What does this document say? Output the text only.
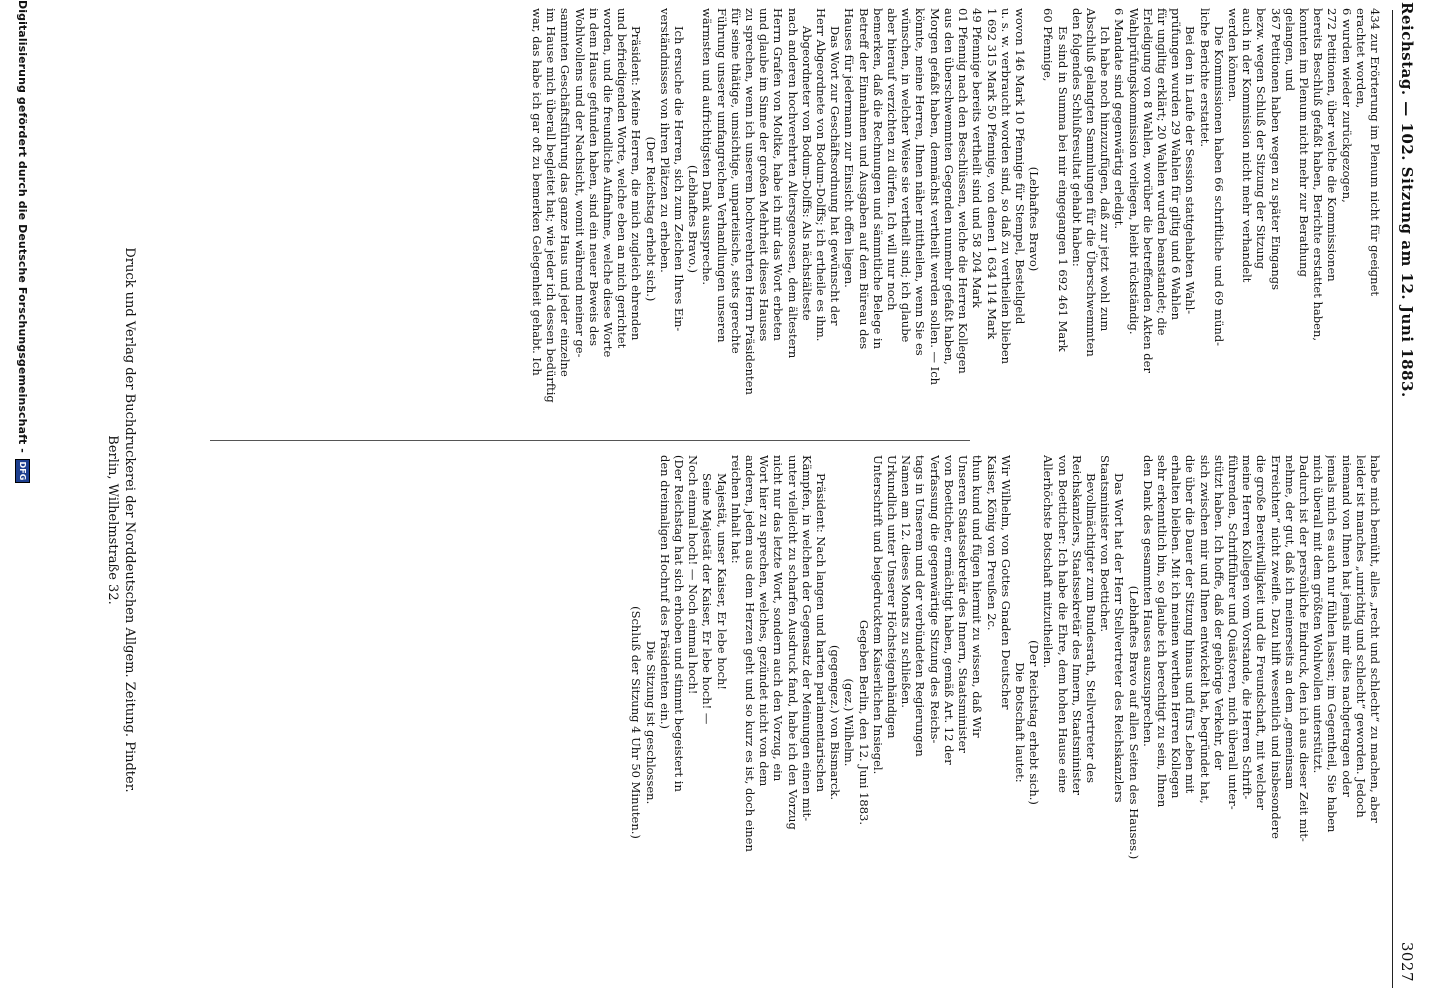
Reichstag. — 102. Sitzung am 12. Juni 1883.
3027

habe mich bemüht, alles „recht und schlecht“ zu machen, aber

leider ist manches „unrichtig und schlecht“ geworden. Jedoch

niemand von Ihnen hat jemals mir dies nachgetragen oder

jemals mich es auch nur fühlen lassen; im Gegentheil, Sie haben

mich überall mit dem größten Wohlwollen unterstützt.

Dadurch ist der persönliche Eindruck, den ich aus dieser Zeit mit-

nehme, der gut, daß ich meinerseits an dem „gemeinsam

Erreichten“ nicht zweifle. Dazu hilft wesentlich und insbesondere

die große Bereitwilligkeit und die Freundschaft, mit welcher

meine Herren Kollegen vom Vorstande, die Herren Schrift-

führenden, Schriftführer und Quästoren, mich überall unter-

stützt haben. Ich hoffe, daß der gehörige Verkehr, der

sich zwischen mir und Ihnen entwickelt hat, begründet hat,

die über die Dauer der Sitzung hinaus und fürs Leben mit

erhalten bleiben. Mit ich meinen werthen Herren Kollegen

sehr erkenntlich bin, so glaube ich berechtigt zu sein, Ihnen

den Dank des gesammten Hauses auszusprechen.

(Lebhaftes Bravo auf allen Seiten des Hauses.)

Das Wort hat der Herr Stellvertreter des Reichskanzlers

Staatsminister von Boetticher.

Bevollmächtigter zum Bundesrath, Stellvertreter des

Reichskanzlers, Staatssekretär des Innern, Staatsminister

von Boetticher: Ich habe die Ehre, dem hohen Hause eine

Allerhöchste Botschaft mitzutheilen.

(Der Reichstag erhebt sich.)

Die Botschaft lautet:

Wir Wilhelm, von Gottes Gnaden Deutscher

Kaiser, König von Preußen 2c.

thun kund und fügen hiermit zu wissen, daß Wir

Unseren Staatssekretär des Innern, Staatsminister

von Boetticher, ermächtigt haben, gemäß Art. 12 der

Verfassung die gegenwärtige Sitzung des Reichs-

tags in Unserem und der verbündeten Regierungen

Namen am 12. dieses Monats zu schließen.

Urkundlich unter Unserer Höchsteigenhändigen

Unterschrift und beigedrucktem Kaiserlichen Insiegel.

Gegeben Berlin, den 12. Juni 1883.

(gez.) Wilhelm.

(gegengez.) von Bismarck.

Präsident: Nach langen und harten parlamentarischen

Kämpfen, in welchen der Gegensatz der Meinungen einen mit-

unter vielleicht zu scharfen Ausdruck fand, habe ich den Vorzug

nicht nur das letzte Wort, sondern auch den Vorzug, ein

Wort hier zu sprechen, welches, gezündet nicht von dem

anderen, jedem aus dem Herzen geht und so kurz es ist, doch einen

reichen Inhalt hat:

Majestät, unser Kaiser, Er lebe hoch!

Seine Majestät der Kaiser, Er lebe hoch! —

Noch einmal hoch! — Noch einmal hoch!

(Der Reichstag hat sich erhoben und stimmt begeistert in

den dreimaligen Hochruf des Präsidenten ein.)

Die Sitzung ist geschlossen.

(Schluß der Sitzung 4 Uhr 50 Minuten.)

434 zur Erörterung im Plenum nicht für geeignet

erachtet worden,

6 wurden wieder zurückgezogen,

272 Petitionen, über welche die Kommissionen

bereits Beschluß gefaßt haben, Berichte erstattet haben,

konnten im Plenum nicht mehr zur Berathung

gelangen, und

367 Petitionen haben wegen zu später Eingangs

bezw. wegen Schluß der Sitzung der Sitzung

auch in der Kommission nicht mehr verhandelt

werden können.

Die Kommissionen haben 66 schriftliche und 69 münd-

liche Berichte erstattet.

Bei den in Laufe der Session stattgehabten Wahl-

prüfungen wurden 29 Wahlen für giltig und 6 Wahlen

für ungiltig erklärt; 20 Wahlen wurden beanstandet; die

Erledigung von 8 Wahlen, worüber die betreffenden Akten der

Wahlprüfungskommission vorliegen, bleibt rückständig.

6 Mandate sind gegenwärtig erledigt.

Ich habe noch hinzuzufügen, daß zur jetzt wohl zum

Abschluß gelangten Sammlungen für die Überschwemmten

den folgendes Schlußresultat gehabt haben:

Es sind in Summa bei mir eingegangen 1 692 461 Mark

60 Pfennige,

(Lebhaftes Bravo)

wovon 146 Mark 10 Pfennige für Stempel, Bestellgeld

u. s. w. verbraucht worden sind, so daß zu vertheilen blieben

1 692 315 Mark 50 Pfennige, von denen 1 634 114 Mark

49 Pfennige bereits vertheilt sind und 58 204 Mark

01 Pfennig nach den Beschlüssen, welche die Herren Kollegen

aus den überschwemmten Gegenden nunmehr gefaßt haben,

Morgen gefaßt haben, demnächst vertheilt werden sollen. — Ich

könnte, meine Herren, Ihnen näher mittheilen, wenn Sie es

wünschen, in welcher Weise sie vertheilt sind; ich glaube

aber hierauf verzichten zu dürfen. Ich will nur noch

bemerken, daß die Rechnungen und sämmtliche Belege in

Betreff der Einnahmen und Ausgaben auf dem Büreau des

Hauses für jedermann zur Einsicht offen liegen.

Das Wort zur Geschäftsordnung hat gewünscht der

Herr Abgeordnete von Bodum-Dolffs; ich ertheile es ihm.

Abgeordneter von Bodum-Dolffs: Als nächstälteste

nach anderen hochverehrten Altersgenossen, dem ältestern

Herrn Grafen von Moltke, habe ich mir das Wort erbeten

und glaube im Sinne der großen Mehrheit dieses Hauses

zu sprechen, wenn ich unserem hochverehrten Herrn Präsidenten

für seine thätige, umsichtige, unparteiische, stets gerechte

Führung unserer umfangreichen Verhandlungen unseren

wärmsten und aufrichtigsten Dank ausspreche.

(Lebhaftes Bravo.)

Ich ersuche die Herren, sich zum Zeichen Ihres Ein-

verständnisses von ihren Plätzen zu erheben.

(Der Reichstag erhebt sich.)

Präsident: Meine Herren, die mich zugleich ehrenden

und befriedigenden Worte, welche eben an mich gerichtet

worden, und die freundliche Aufnahme, welche diese Worte

in dem Hause gefunden haben, sind ein neuer Beweis des

Wohlwollens und der Nachsicht, womit während meiner ge-

sammten Geschäftsführung das ganze Haus und jeder einzelne

im Hause mich überall begleitet hat; wie jeder ich dessen bedürftig

war, das habe ich gar oft zu bemerken Gelegenheit gehabt. Ich

Druck und Verlag der Buchdruckerei der Norddeutschen Allgem. Zeitung. Pindter.

Berlin, Wilhelmstraße 32.

Digitalisierung gefördert durch die Deutsche Forschungsgemeinschaft -
DFG
